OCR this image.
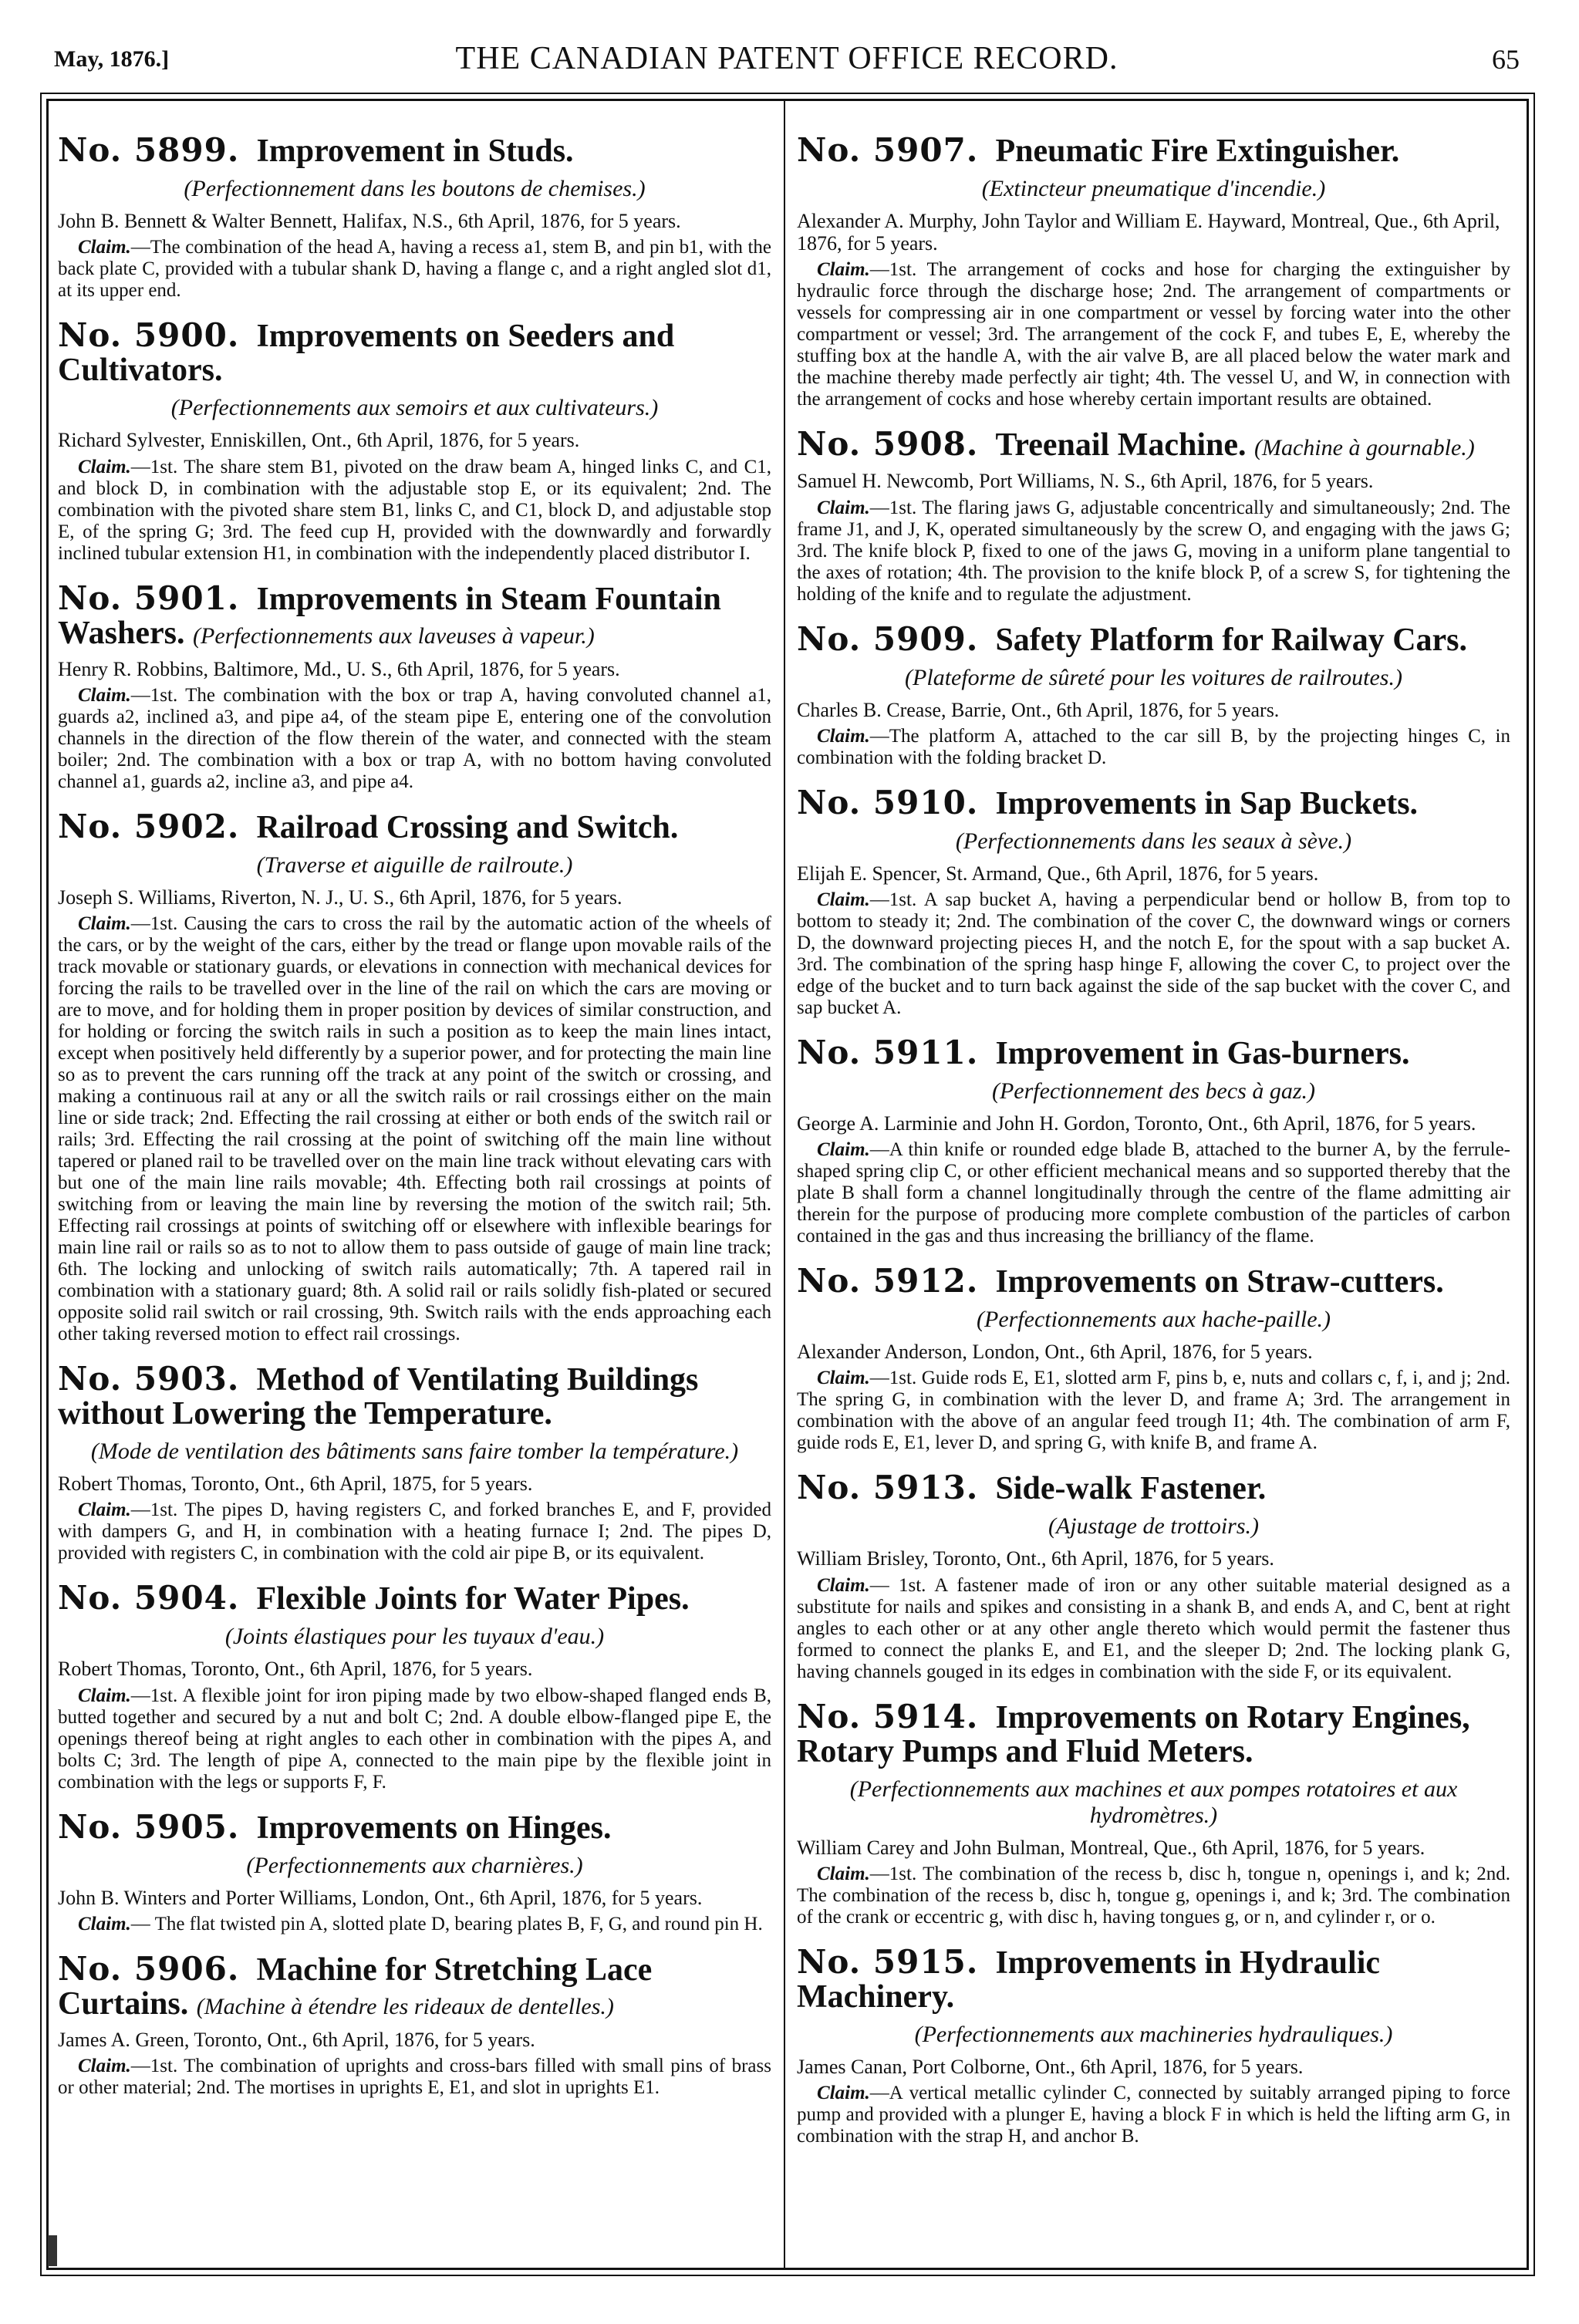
May, 1876.]	THE CANADIAN PATENT OFFICE RECORD.	65
No. 5899. Improvement in Studs.
(Perfectionnement dans les boutons de chemises.)
John B. Bennett & Walter Bennett, Halifax, N.S., 6th April, 1876, for 5 years.

Claim.—The combination of the head A, having a recess a1, stem B, and pin b1, with the back plate C, provided with a tubular shank D, having a flange c, and a right angled slot d1, at its upper end.

No. 5900. Improvements on Seeders and Cultivators.
(Perfectionnements aux semoirs et aux cultivateurs.)
Richard Sylvester, Enniskillen, Ont., 6th April, 1876, for 5 years.

Claim.—1st. The share stem B1, pivoted on the draw beam A, hinged links C, and C1, and block D, in combination with the adjustable stop E, or its equivalent; 2nd. The combination with the pivoted share stem B1, links C, and C1, block D, and adjustable stop E, of the spring G; 3rd. The feed cup H, provided with the downwardly and forwardly inclined tubular extension H1, in combination with the independently placed distributor I.

No. 5901. Improvements in Steam Fountain Washers. (Perfectionnements aux laveuses à vapeur.)
Henry R. Robbins, Baltimore, Md., U. S., 6th April, 1876, for 5 years.

Claim.—1st. The combination with the box or trap A, having convoluted channel a1, guards a2, inclined a3, and pipe a4, of the steam pipe E, entering one of the convolution channels in the direction of the flow therein of the water, and connected with the steam boiler; 2nd. The combination with a box or trap A, with no bottom having convoluted channel a1, guards a2, incline a3, and pipe a4.

No. 5902. Railroad Crossing and Switch.
(Traverse et aiguille de railroute.)
Joseph S. Williams, Riverton, N. J., U. S., 6th April, 1876, for 5 years.

Claim.—1st. Causing the cars to cross the rail by the automatic action of the wheels of the cars, or by the weight of the cars, either by the tread or flange upon movable rails of the track movable or stationary guards, or elevations in connection with mechanical devices for forcing the rails to be travelled over in the line of the rail on which the cars are moving or are to move, and for holding them in proper position by devices of similar construction, and for holding or forcing the switch rails in such a position as to keep the main lines intact, except when positively held differently by a superior power, and for protecting the main line so as to prevent the cars running off the track at any point of the switch or crossing, and making a continuous rail at any or all the switch rails or rail crossings either on the main line or side track; 2nd. Effecting the rail crossing at either or both ends of the switch rail or rails; 3rd. Effecting the rail crossing at the point of switching off the main line without tapered or planed rail to be travelled over on the main line track without elevating cars with but one of the main line rails movable; 4th. Effecting both rail crossings at points of switching from or leaving the main line by reversing the motion of the switch rail; 5th. Effecting rail crossings at points of switching off or elsewhere with inflexible bearings for main line rail or rails so as to not to allow them to pass outside of gauge of main line track; 6th. The locking and unlocking of switch rails automatically; 7th. A tapered rail in combination with a stationary guard; 8th. A solid rail or rails solidly fish-plated or secured opposite solid rail switch or rail crossing, 9th. Switch rails with the ends approaching each other taking reversed motion to effect rail crossings.

No. 5903. Method of Ventilating Buildings without Lowering the Temperature.
(Mode de ventilation des bâtiments sans faire tomber la température.)
Robert Thomas, Toronto, Ont., 6th April, 1875, for 5 years.

Claim.—1st. The pipes D, having registers C, and forked branches E, and F, provided with dampers G, and H, in combination with a heating furnace I; 2nd. The pipes D, provided with registers C, in combination with the cold air pipe B, or its equivalent.

No. 5904. Flexible Joints for Water Pipes.
(Joints élastiques pour les tuyaux d'eau.)
Robert Thomas, Toronto, Ont., 6th April, 1876, for 5 years.

Claim.—1st. A flexible joint for iron piping made by two elbow-shaped flanged ends B, butted together and secured by a nut and bolt C; 2nd. A double elbow-flanged pipe E, the openings thereof being at right angles to each other in combination with the pipes A, and bolts C; 3rd. The length of pipe A, connected to the main pipe by the flexible joint in combination with the legs or supports F, F.

No. 5905. Improvements on Hinges.
(Perfectionnements aux charnières.)
John B. Winters and Porter Williams, London, Ont., 6th April, 1876, for 5 years.

Claim.— The flat twisted pin A, slotted plate D, bearing plates B, F, G, and round pin H.

No. 5906. Machine for Stretching Lace Curtains. (Machine à étendre les rideaux de dentelles.)
James A. Green, Toronto, Ont., 6th April, 1876, for 5 years.

Claim.—1st. The combination of uprights and cross-bars filled with small pins of brass or other material; 2nd. The mortises in uprights E, E1, and slot in uprights E1.

No. 5907. Pneumatic Fire Extinguisher.
(Extincteur pneumatique d'incendie.)
Alexander A. Murphy, John Taylor and William E. Hayward, Montreal, Que., 6th April, 1876, for 5 years.

Claim.—1st. The arrangement of cocks and hose for charging the extinguisher by hydraulic force through the discharge hose; 2nd. The arrangement of compartments or vessels for compressing air in one compartment or vessel by forcing water into the other compartment or vessel; 3rd. The arrangement of the cock F, and tubes E, E, whereby the stuffing box at the handle A, with the air valve B, are all placed below the water mark and the machine thereby made perfectly air tight; 4th. The vessel U, and W, in connection with the arrangement of cocks and hose whereby certain important results are obtained.

No. 5908. Treenail Machine. (Machine à gournable.)
Samuel H. Newcomb, Port Williams, N. S., 6th April, 1876, for 5 years.

Claim.—1st. The flaring jaws G, adjustable concentrically and simultaneously; 2nd. The frame J1, and J, K, operated simultaneously by the screw O, and engaging with the jaws G; 3rd. The knife block P, fixed to one of the jaws G, moving in a uniform plane tangential to the axes of rotation; 4th. The provision to the knife block P, of a screw S, for tightening the holding of the knife and to regulate the adjustment.

No. 5909. Safety Platform for Railway Cars.
(Plateforme de sûreté pour les voitures de railroutes.)
Charles B. Crease, Barrie, Ont., 6th April, 1876, for 5 years.

Claim.—The platform A, attached to the car sill B, by the projecting hinges C, in combination with the folding bracket D.

No. 5910. Improvements in Sap Buckets.
(Perfectionnements dans les seaux à sève.)
Elijah E. Spencer, St. Armand, Que., 6th April, 1876, for 5 years.

Claim.—1st. A sap bucket A, having a perpendicular bend or hollow B, from top to bottom to steady it; 2nd. The combination of the cover C, the downward wings or corners D, the downward projecting pieces H, and the notch E, for the spout with a sap bucket A. 3rd. The combination of the spring hasp hinge F, allowing the cover C, to project over the edge of the bucket and to turn back against the side of the sap bucket with the cover C, and sap bucket A.

No. 5911. Improvement in Gas-burners.
(Perfectionnement des becs à gaz.)
George A. Larminie and John H. Gordon, Toronto, Ont., 6th April, 1876, for 5 years.

Claim.—A thin knife or rounded edge blade B, attached to the burner A, by the ferrule-shaped spring clip C, or other efficient mechanical means and so supported thereby that the plate B shall form a channel longitudinally through the centre of the flame admitting air therein for the purpose of producing more complete combustion of the particles of carbon contained in the gas and thus increasing the brilliancy of the flame.

No. 5912. Improvements on Straw-cutters.
(Perfectionnements aux hache-paille.)
Alexander Anderson, London, Ont., 6th April, 1876, for 5 years.

Claim.—1st. Guide rods E, E1, slotted arm F, pins b, e, nuts and collars c, f, i, and j; 2nd. The spring G, in combination with the lever D, and frame A; 3rd. The arrangement in combination with the above of an angular feed trough I1; 4th. The combination of arm F, guide rods E, E1, lever D, and spring G, with knife B, and frame A.

No. 5913. Side-walk Fastener.
(Ajustage de trottoirs.)
William Brisley, Toronto, Ont., 6th April, 1876, for 5 years.

Claim.— 1st. A fastener made of iron or any other suitable material designed as a substitute for nails and spikes and consisting in a shank B, and ends A, and C, bent at right angles to each other or at any other angle thereto which would permit the fastener thus formed to connect the planks E, and E1, and the sleeper D; 2nd. The locking plank G, having channels gouged in its edges in combination with the side F, or its equivalent.

No. 5914. Improvements on Rotary Engines, Rotary Pumps and Fluid Meters.
(Perfectionnements aux machines et aux pompes rotatoires et aux hydromètres.)
William Carey and John Bulman, Montreal, Que., 6th April, 1876, for 5 years.

Claim.—1st. The combination of the recess b, disc h, tongue n, openings i, and k; 2nd. The combination of the recess b, disc h, tongue g, openings i, and k; 3rd. The combination of the crank or eccentric g, with disc h, having tongues g, or n, and cylinder r, or o.

No. 5915. Improvements in Hydraulic Machinery.
(Perfectionnements aux machineries hydrauliques.)
James Canan, Port Colborne, Ont., 6th April, 1876, for 5 years.

Claim.—A vertical metallic cylinder C, connected by suitably arranged piping to force pump and provided with a plunger E, having a block F in which is held the lifting arm G, in combination with the strap H, and anchor B.
